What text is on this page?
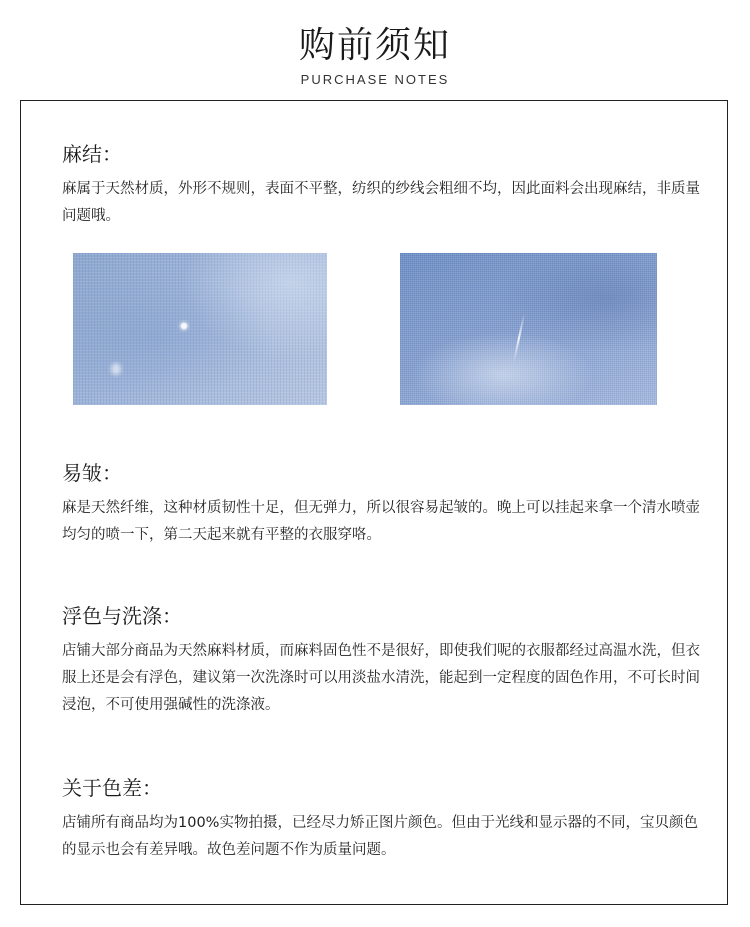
购前须知
PURCHASE NOTES
麻结：

麻属于天然材质，外形不规则，表面不平整，纺织的纱线会粗细不均，因此面料会出现麻结，非质量问题哦。

易皱：

麻是天然纤维，这种材质韧性十足，但无弹力，所以很容易起皱的。晚上可以挂起来拿一个清水喷壶均匀的喷一下，第二天起来就有平整的衣服穿咯。

浮色与洗涤：

店铺大部分商品为天然麻料材质，而麻料固色性不是很好，即使我们呢的衣服都经过高温水洗，但衣服上还是会有浮色，建议第一次洗涤时可以用淡盐水清洗，能起到一定程度的固色作用，不可长时间浸泡，不可使用强碱性的洗涤液。

关于色差：

店铺所有商品均为100%实物拍摄，已经尽力矫正图片颜色。但由于光线和显示器的不同，宝贝颜色的显示也会有差异哦。故色差问题不作为质量问题。
